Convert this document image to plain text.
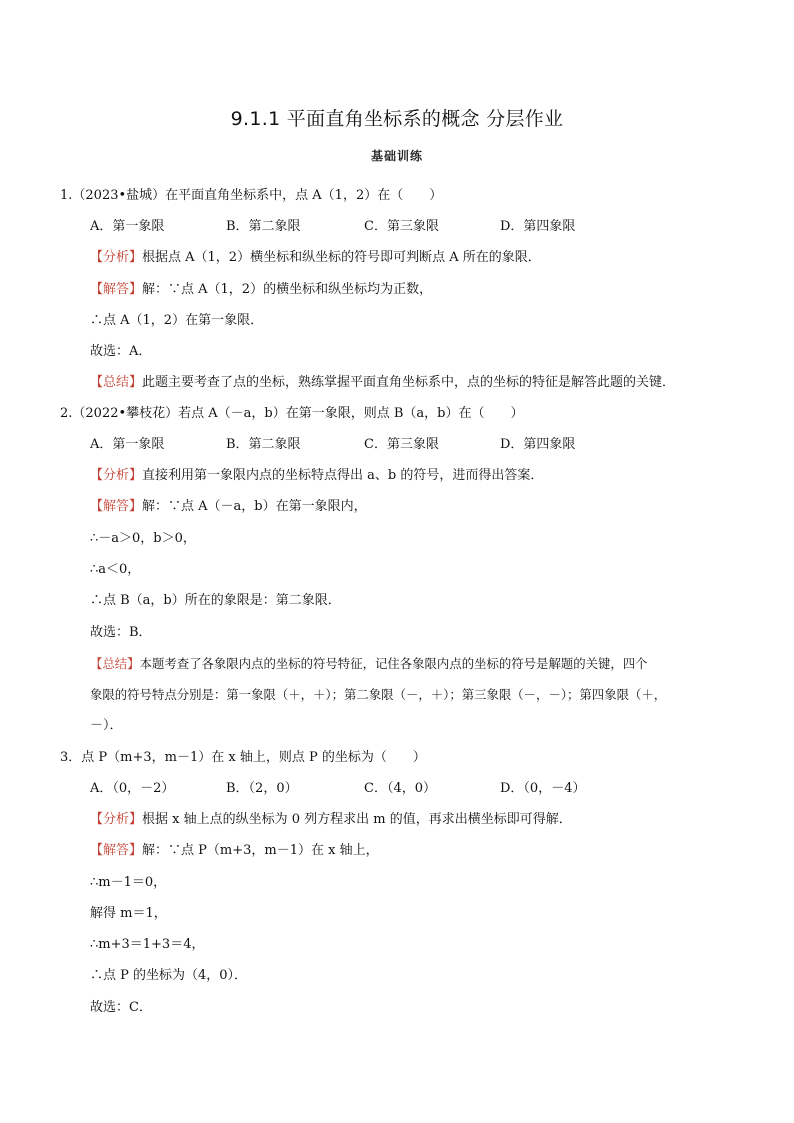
9.1.1 平面直角坐标系的概念 分层作业
基础训练
1.（2023•盐城）在平面直角坐标系中，点 A（1，2）在（　　）
A．第一象限	B．第二象限	C．第三象限	D．第四象限
【分析】根据点 A（1，2）横坐标和纵坐标的符号即可判断点 A 所在的象限．
【解答】解：∵点 A（1，2）的横坐标和纵坐标均为正数，
∴点 A（1，2）在第一象限．
故选：A．
【总结】此题主要考查了点的坐标，熟练掌握平面直角坐标系中，点的坐标的特征是解答此题的关键．
2.（2022•攀枝花）若点 A（－a，b）在第一象限，则点 B（a，b）在（　　）
A．第一象限	B．第二象限	C．第三象限	D．第四象限
【分析】直接利用第一象限内点的坐标特点得出 a、b 的符号，进而得出答案．
【解答】解：∵点 A（－a，b）在第一象限内，
∴－a＞0，b＞0，
∴a＜0，
∴点 B（a，b）所在的象限是：第二象限．
故选：B．
【总结】本题考查了各象限内点的坐标的符号特征，记住各象限内点的坐标的符号是解题的关键，四个
象限的符号特点分别是：第一象限（＋，＋）；第二象限（－，＋）；第三象限（－，－）；第四象限（＋，
－）．
3．点 P（m+3，m－1）在 x 轴上，则点 P 的坐标为（　　）
A．（0，－2）	B．（2，0）	C．（4，0）	D．（0，－4）
【分析】根据 x 轴上点的纵坐标为 0 列方程求出 m 的值，再求出横坐标即可得解．
【解答】解：∵点 P（m+3，m－1）在 x 轴上，
∴m－1＝0，
解得 m＝1，
∴m+3＝1+3＝4，
∴点 P 的坐标为（4，0）．
故选：C．
